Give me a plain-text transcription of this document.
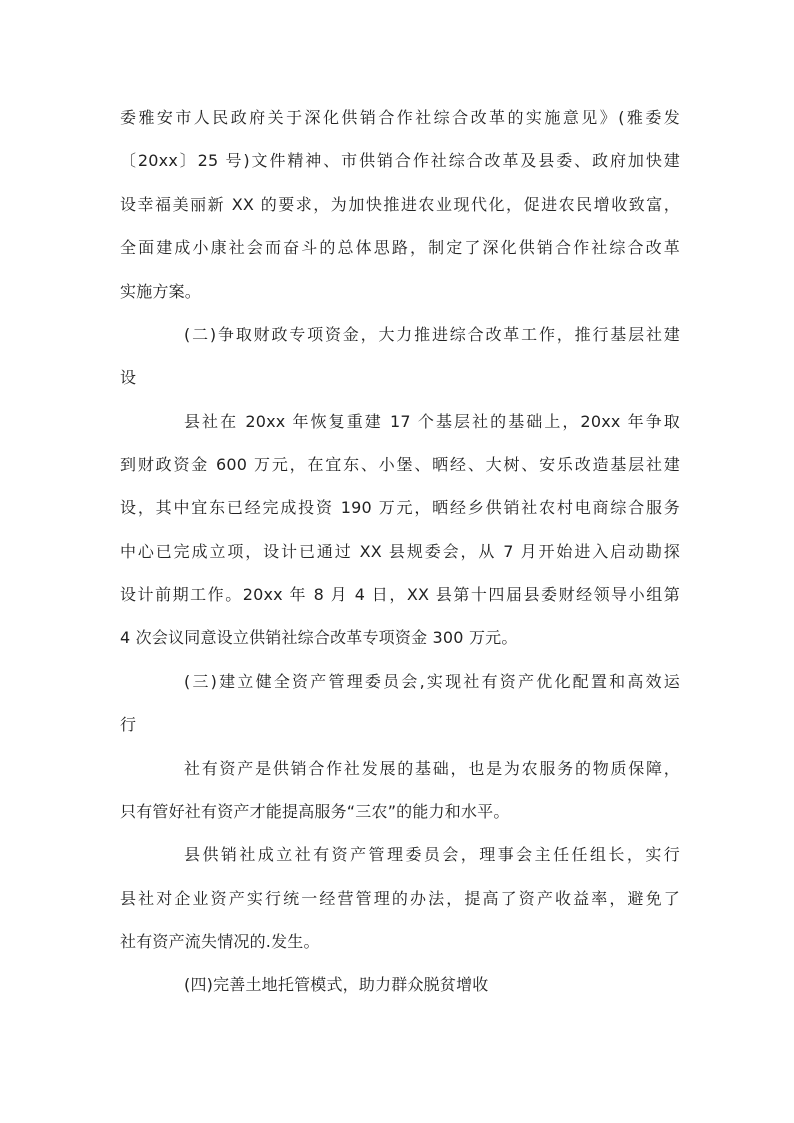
委雅安市人民政府关于深化供销合作社综合改革的实施意见》(雅委发
〔20xx〕25 号)文件精神、市供销合作社综合改革及县委、政府加快建
设幸福美丽新 XX 的要求，为加快推进农业现代化，促进农民增收致富，
全面建成小康社会而奋斗的总体思路，制定了深化供销合作社综合改革
实施方案。
(二)争取财政专项资金，大力推进综合改革工作，推行基层社建
设
县社在 20xx 年恢复重建 17 个基层社的基础上，20xx 年争取
到财政资金 600 万元，在宜东、小堡、晒经、大树、安乐改造基层社建
设，其中宜东已经完成投资 190 万元，晒经乡供销社农村电商综合服务
中心已完成立项，设计已通过 XX 县规委会，从 7 月开始进入启动勘探
设计前期工作。20xx 年 8 月 4 日，XX 县第十四届县委财经领导小组第
4 次会议同意设立供销社综合改革专项资金 300 万元。
(三)建立健全资产管理委员会,实现社有资产优化配置和高效运
行
社有资产是供销合作社发展的基础，也是为农服务的物质保障，
只有管好社有资产才能提高服务“三农”的能力和水平。
县供销社成立社有资产管理委员会，理事会主任任组长，实行
县社对企业资产实行统一经营管理的办法，提高了资产收益率，避免了
社有资产流失情况的.发生。
(四)完善土地托管模式，助力群众脱贫增收
